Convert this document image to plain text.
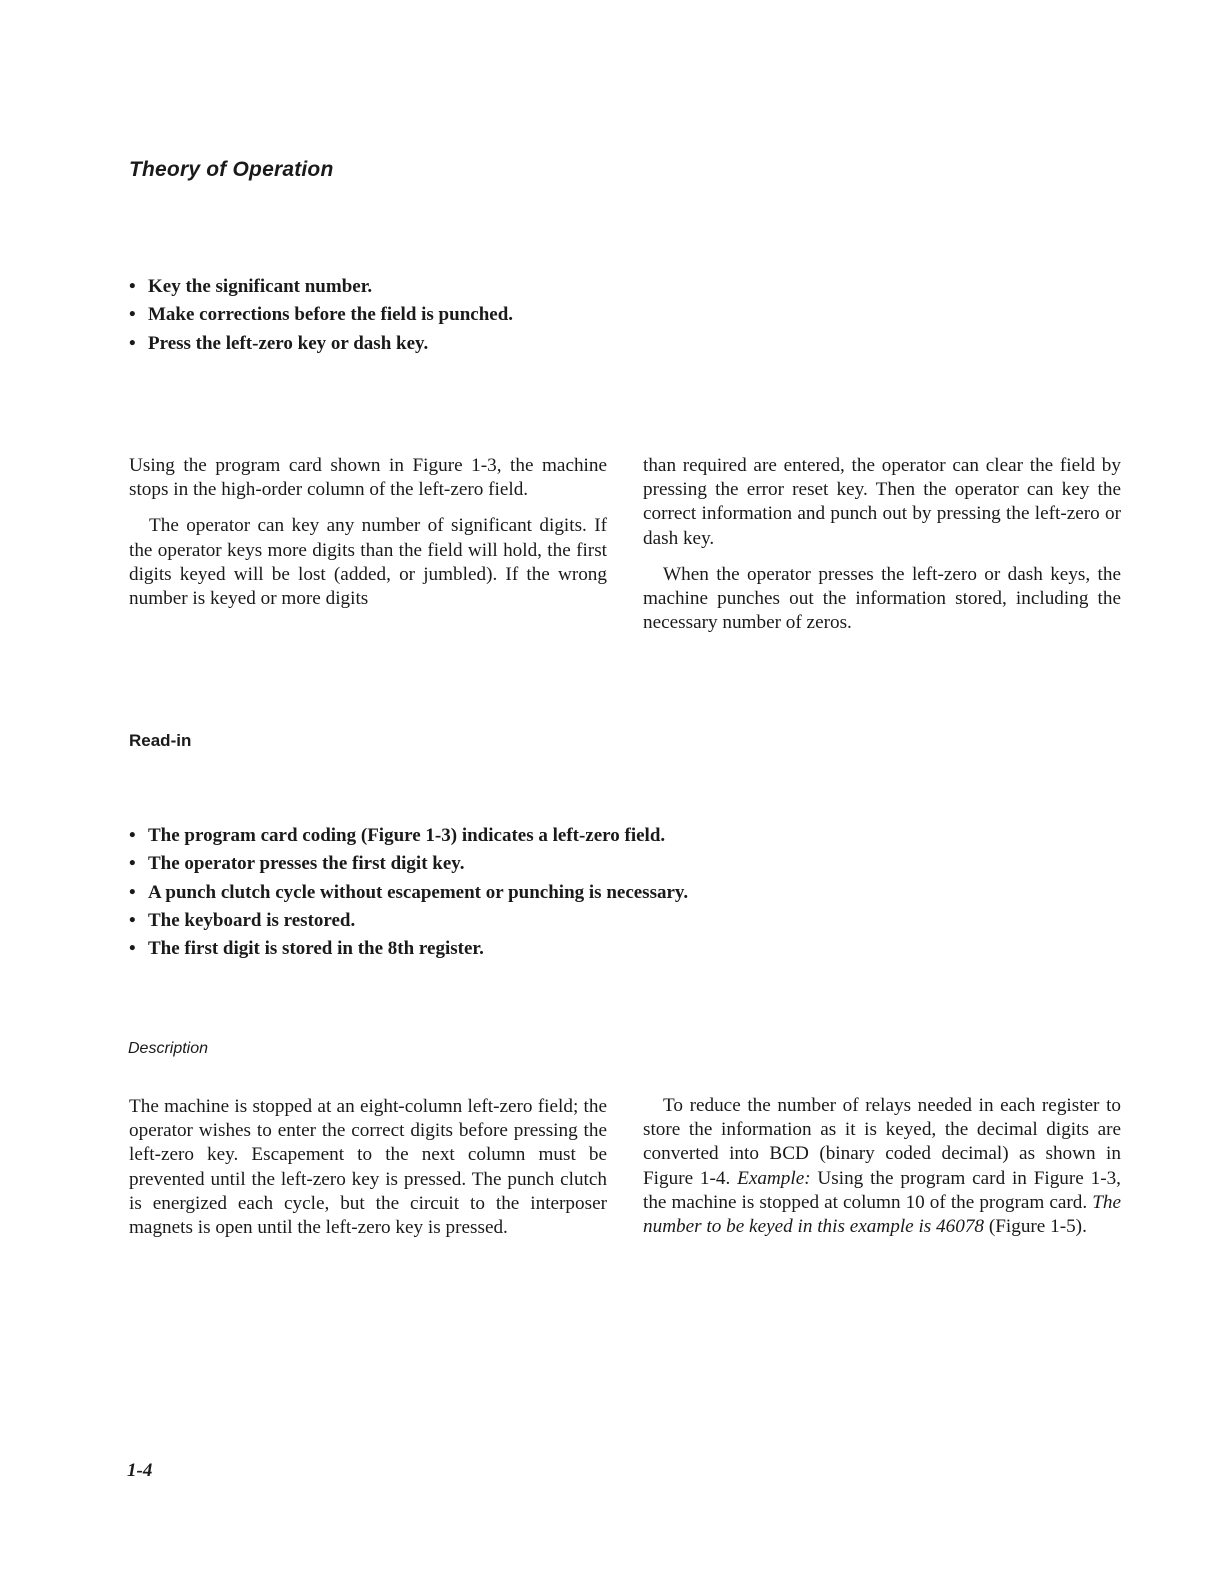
Theory of Operation
• Key the significant number.
• Make corrections before the field is punched.
• Press the left-zero key or dash key.

Using the program card shown in Figure 1-3, the machine stops in the high-order column of the left-zero field.

The operator can key any number of significant digits. If the operator keys more digits than the field will hold, the first digits keyed will be lost (added, or jumbled). If the wrong number is keyed or more digits

than required are entered, the operator can clear the field by pressing the error reset key. Then the operator can key the correct information and punch out by pressing the left-zero or dash key.

When the operator presses the left-zero or dash keys, the machine punches out the information stored, including the necessary number of zeros.

Read-in
• The program card coding (Figure 1-3) indicates a left-zero field.
• The operator presses the first digit key.
• A punch clutch cycle without escapement or punching is necessary.
• The keyboard is restored.
• The first digit is stored in the 8th register.
Description

The machine is stopped at an eight-column left-zero field; the operator wishes to enter the correct digits before pressing the left-zero key. Escapement to the next column must be prevented until the left-zero key is pressed. The punch clutch is energized each cycle, but the circuit to the interposer magnets is open until the left-zero key is pressed.

To reduce the number of relays needed in each register to store the information as it is keyed, the decimal digits are converted into BCD (binary coded decimal) as shown in Figure 1-4. Example: Using the program card in Figure 1-3, the machine is stopped at column 10 of the program card. The number to be keyed in this example is 46078 (Figure 1-5).

1-4
